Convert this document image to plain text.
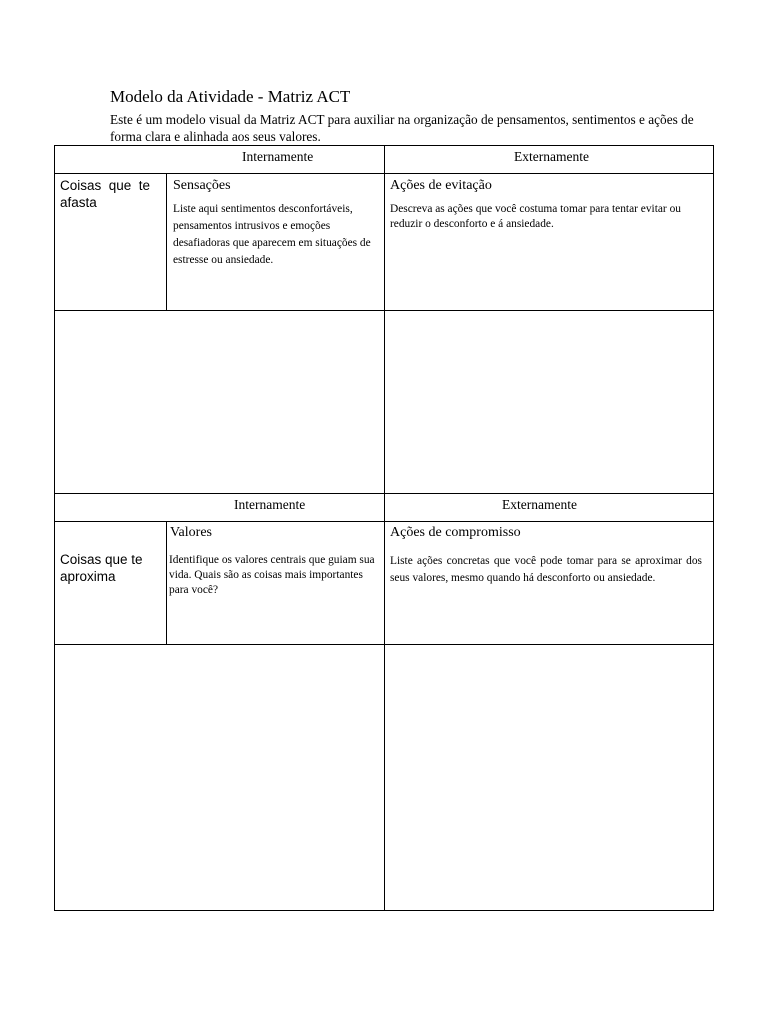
Modelo da Atividade - Matriz ACT
Este é um modelo visual da Matriz ACT para auxiliar na organização de pensamentos, sentimentos e ações de forma clara e alinhada aos seus valores.
Internamente	Externamente
Coisas que te afasta
Sensações
Liste aqui sentimentos desconfortáveis, pensamentos intrusivos e emoções desafiadoras que aparecem em situações de estresse ou ansiedade.
Ações de evitação
Descreva as ações que você costuma tomar para tentar evitar ou reduzir o desconforto e á ansiedade.
Internamente	Externamente
Coisas que te aproxima
Valores
Identifique os valores centrais que guiam sua vida. Quais são as coisas mais importantes para você?
Ações de compromisso
Liste ações concretas que você pode tomar para se aproximar dos seus valores, mesmo quando há desconforto ou ansiedade.
